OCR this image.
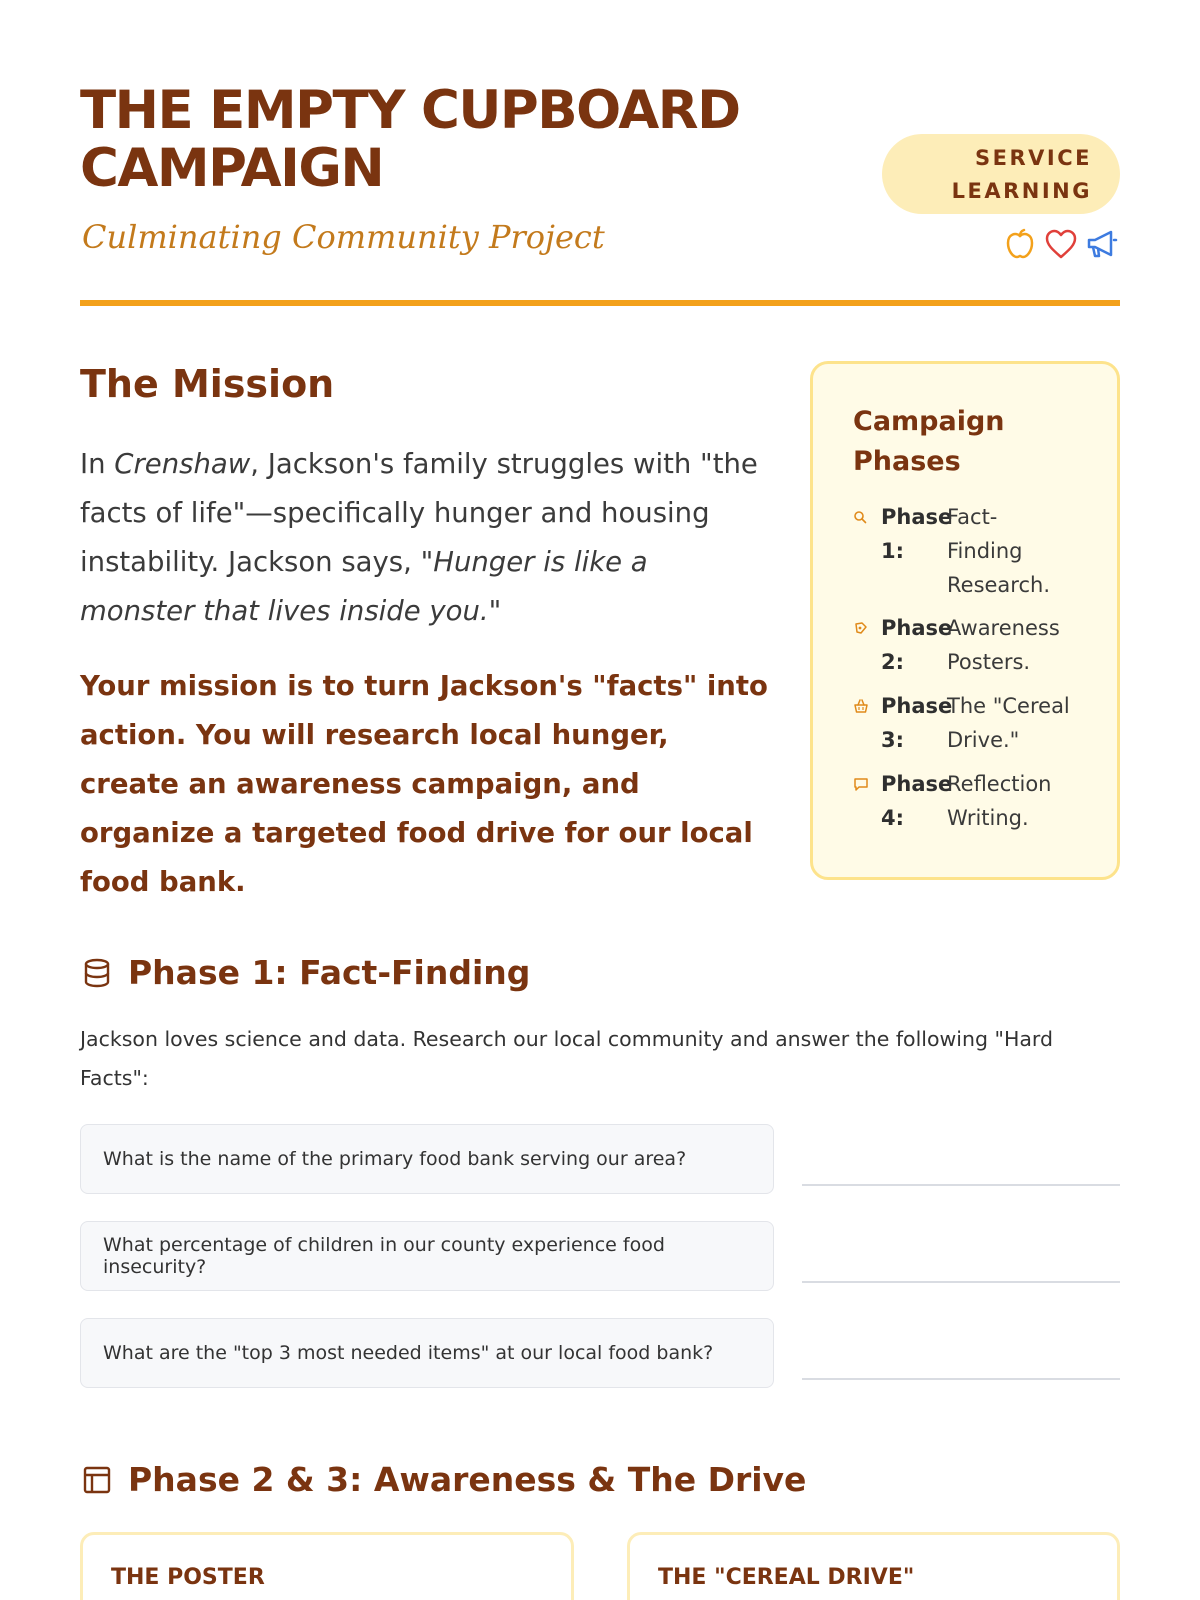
THE EMPTY CUPBOARD
CAMPAIGN
Culminating Community Project
SERVICE
LEARNING
The Mission
In Crenshaw, Jackson's family struggles with "the facts of life"—specifically hunger and housing instability. Jackson says, "Hunger is like a monster that lives inside you."
Your mission is to turn Jackson's "facts" into action. You will research local hunger, create an awareness campaign, and organize a targeted food drive for our local food bank.
Campaign Phases
Phase
1:
Fact-Finding Research.
Phase
2:
Awareness Posters.
Phase
3:
The "Cereal Drive."
Phase
4:
Reflection Writing.
Phase 1: Fact-Finding
Jackson loves science and data. Research our local community and answer the following "Hard Facts":
What is the name of the primary food bank serving our area?
What percentage of children in our county experience food insecurity?
What are the "top 3 most needed items" at our local food bank?
Phase 2 & 3: Awareness & The Drive
THE POSTER	THE "CEREAL DRIVE"
